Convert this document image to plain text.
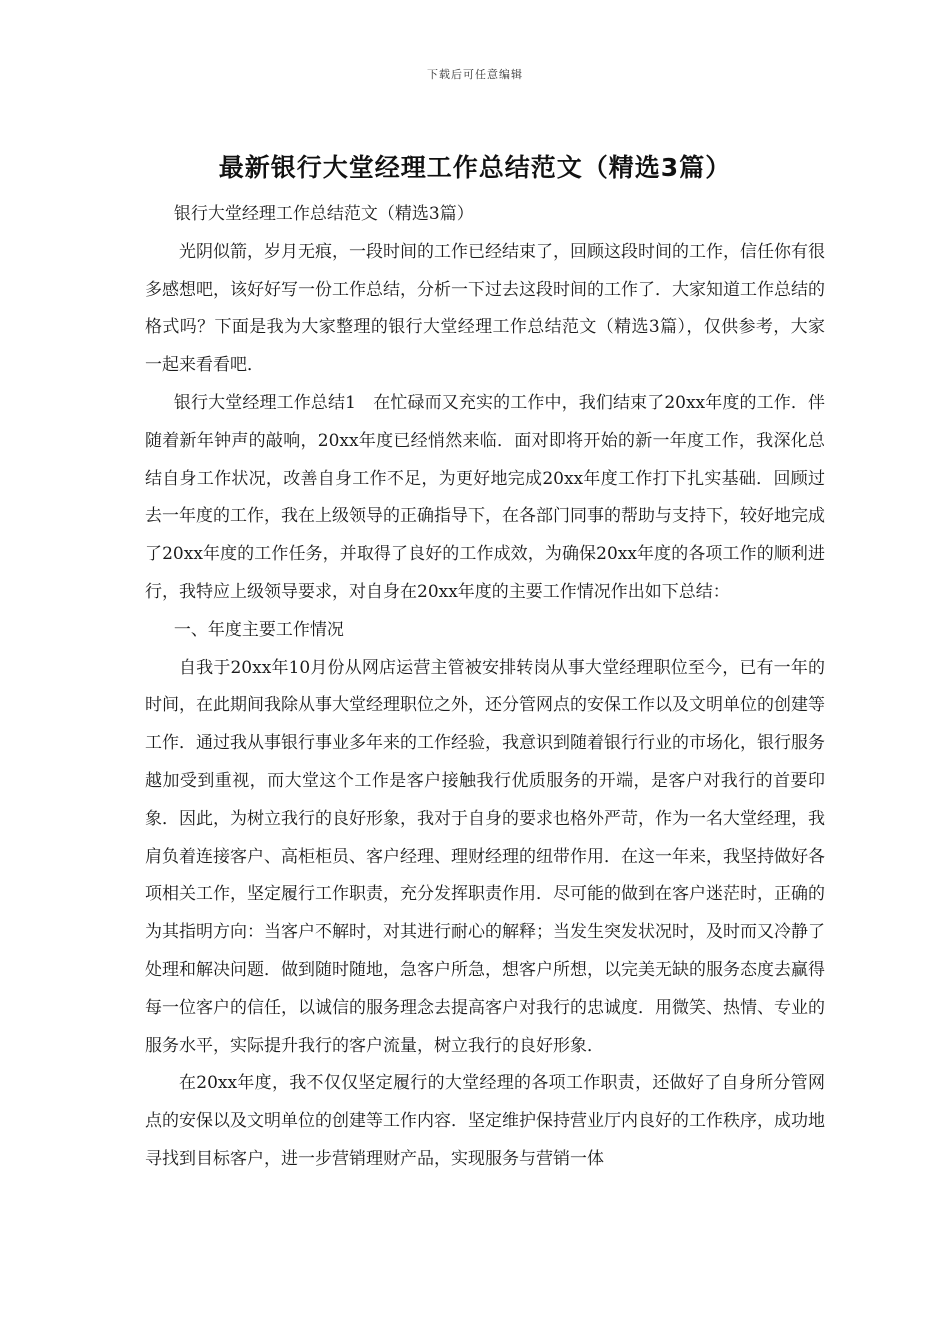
下载后可任意编辑
最新银行大堂经理工作总结范文（精选3篇）

银行大堂经理工作总结范文（精选3篇）

光阴似箭，岁月无痕，一段时间的工作已经结束了，回顾这段时间的工作，信任你有很多感想吧，该好好写一份工作总结，分析一下过去这段时间的工作了．大家知道工作总结的格式吗？下面是我为大家整理的银行大堂经理工作总结范文（精选3篇），仅供参考，大家一起来看看吧．

银行大堂经理工作总结1　在忙碌而又充实的工作中，我们结束了20xx年度的工作．伴随着新年钟声的敲响，20xx年度已经悄然来临．面对即将开始的新一年度工作，我深化总结自身工作状况，改善自身工作不足，为更好地完成20xx年度工作打下扎实基础．回顾过去一年度的工作，我在上级领导的正确指导下，在各部门同事的帮助与支持下，较好地完成了20xx年度的工作任务，并取得了良好的工作成效，为确保20xx年度的各项工作的顺利进行，我特应上级领导要求，对自身在20xx年度的主要工作情况作出如下总结：

一、年度主要工作情况

自我于20xx年10月份从网店运营主管被安排转岗从事大堂经理职位至今，已有一年的时间，在此期间我除从事大堂经理职位之外，还分管网点的安保工作以及文明单位的创建等工作．通过我从事银行事业多年来的工作经验，我意识到随着银行行业的市场化，银行服务越加受到重视，而大堂这个工作是客户接触我行优质服务的开端，是客户对我行的首要印象．因此，为树立我行的良好形象，我对于自身的要求也格外严苛，作为一名大堂经理，我肩负着连接客户、高柜柜员、客户经理、理财经理的纽带作用．在这一年来，我坚持做好各项相关工作，坚定履行工作职责，充分发挥职责作用．尽可能的做到在客户迷茫时，正确的为其指明方向：当客户不解时，对其进行耐心的解释；当发生突发状况时，及时而又冷静了处理和解决问题．做到随时随地，急客户所急，想客户所想，以完美无缺的服务态度去赢得每一位客户的信任，以诚信的服务理念去提高客户对我行的忠诚度．用微笑、热情、专业的服务水平，实际提升我行的客户流量，树立我行的良好形象．

在20xx年度，我不仅仅坚定履行的大堂经理的各项工作职责，还做好了自身所分管网点的安保以及文明单位的创建等工作内容．坚定维护保持营业厅内良好的工作秩序，成功地寻找到目标客户，进一步营销理财产品，实现服务与营销一体
